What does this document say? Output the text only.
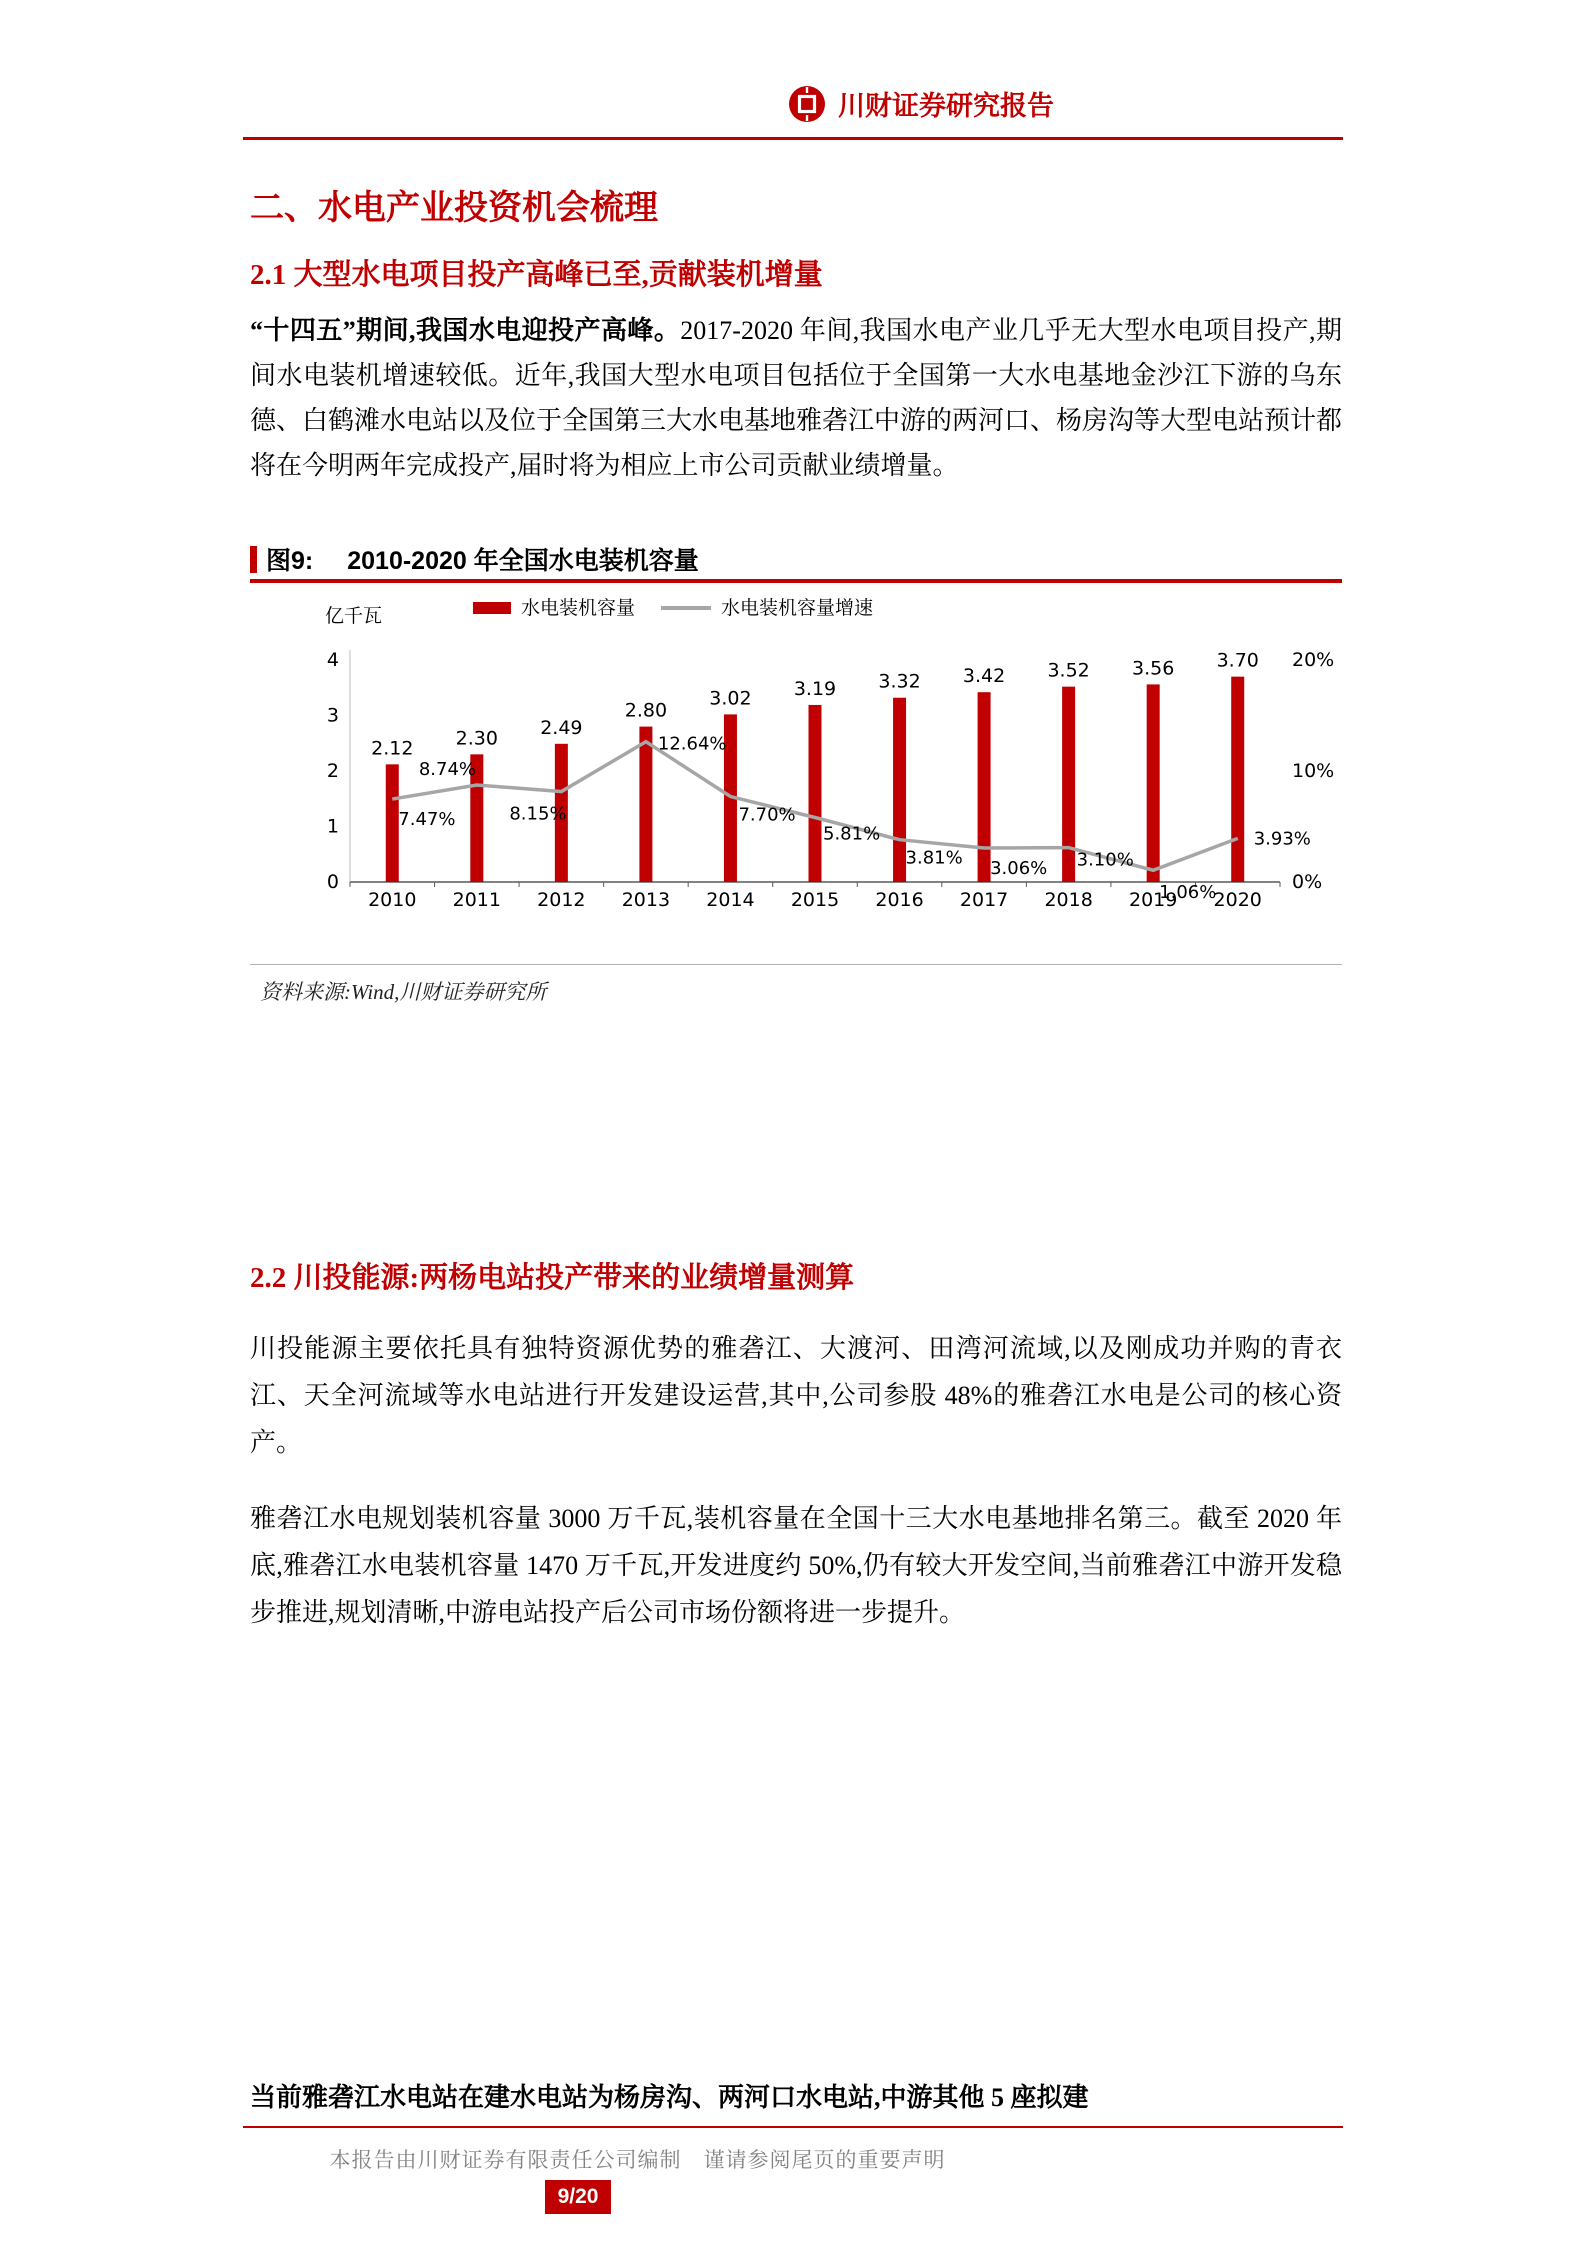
川财证券研究报告
二、水电产业投资机会梳理
2.1 大型水电项目投产高峰已至,贡献装机增量

“十四五”期间,我国水电迎投产高峰。2017-2020 年间,我国水电产业几乎无大型水电项目投产,期间水电装机增速较低。近年,我国大型水电项目包括位于全国第一大水电基地金沙江下游的乌东德、白鹤滩水电站以及位于全国第三大水电基地雅砻江中游的两河口、杨房沟等大型电站预计都将在今明两年完成投产,届时将为相应上市公司贡献业绩增量。

图9: 2010-2020 年全国水电装机容量
亿千瓦	水电装机容量	水电装机容量增速
0
1
2
3
4
0%
10%
20%
2.12
2010
2.30
2011
2.49
2012
2.80
2013
3.02
2014
3.19
2015
3.32
2016
3.42
2017
3.52
2018
3.56
2019
3.70
2020
7.47%
8.74%
8.15%
12.64%
7.70%
5.81%
3.81% 3.06% 3.10%
1.06%
3.93%
资料来源:Wind,川财证券研究所
2.2 川投能源:两杨电站投产带来的业绩增量测算

川投能源主要依托具有独特资源优势的雅砻江、大渡河、田湾河流域,以及刚成功并购的青衣江、天全河流域等水电站进行开发建设运营,其中,公司参股 48%的雅砻江水电是公司的核心资产。

雅砻江水电规划装机容量 3000 万千瓦,装机容量在全国十三大水电基地排名第三。截至 2020 年底,雅砻江水电装机容量 1470 万千瓦,开发进度约 50%,仍有较大开发空间,当前雅砻江中游开发稳步推进,规划清晰,中游电站投产后公司市场份额将进一步提升。

当前雅砻江水电站在建水电站为杨房沟、两河口水电站,中游其他 5 座拟建

本报告由川财证券有限责任公司编制　谨请参阅尾页的重要声明
9/20
